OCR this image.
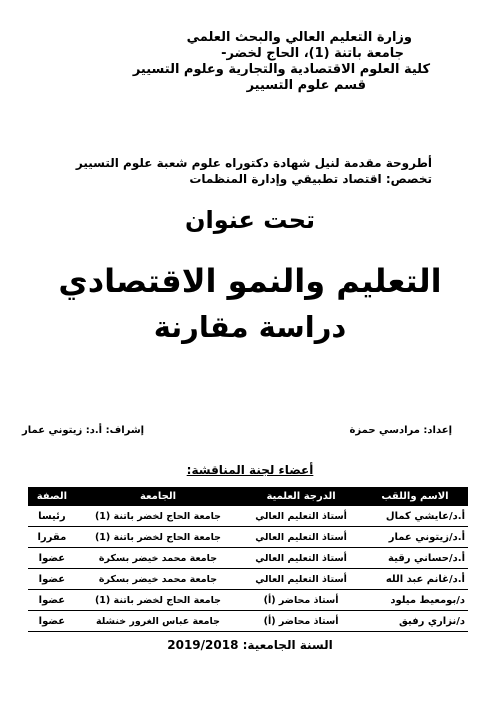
وزارة التعليم العالي والبحث العلمي
جامعة باتنة (1)، الحاج لخضر-
كلية العلوم الاقتصادية والتجارية وعلوم التسيير
قسم علوم التسيير
أطروحة مقدمة لنيل شهادة دكتوراه علوم شعبة علوم التسيير
تخصص: اقتصاد تطبيقي وإدارة المنظمات
تحت عنوان
التعليم والنمو الاقتصادي
دراسة مقارنة
إعداد: مرادسي حمزة
إشراف: أ.د: زيتوني عمار
أعضاء لجنة المناقشة:
الاسم واللقب	الدرجة العلمية	الجامعة	الصفة
أ.د/عايشي كمال	أستاذ التعليم العالي	جامعة الحاج لخضر باتنة (1)	رئيسا
أ.د/زيتوني عمار	أستاذ التعليم العالي	جامعة الحاج لخضر باتنة (1)	مقررا
أ.د/حساني رقية	أستاذ التعليم العالي	جامعة محمد خيضر بسكرة	عضوا
أ.د/غانم عبد الله	أستاذ التعليم العالي	جامعة محمد خيضر بسكرة	عضوا
د/بومعيط ميلود	أستاذ محاضر (أ)	جامعة الحاج لخضر باتنة (1)	عضوا
د/نزاري رفيق	أستاذ محاضر (أ)	جامعة عباس الغرور خنشلة	عضوا
السنة الجامعية: 2019/2018
